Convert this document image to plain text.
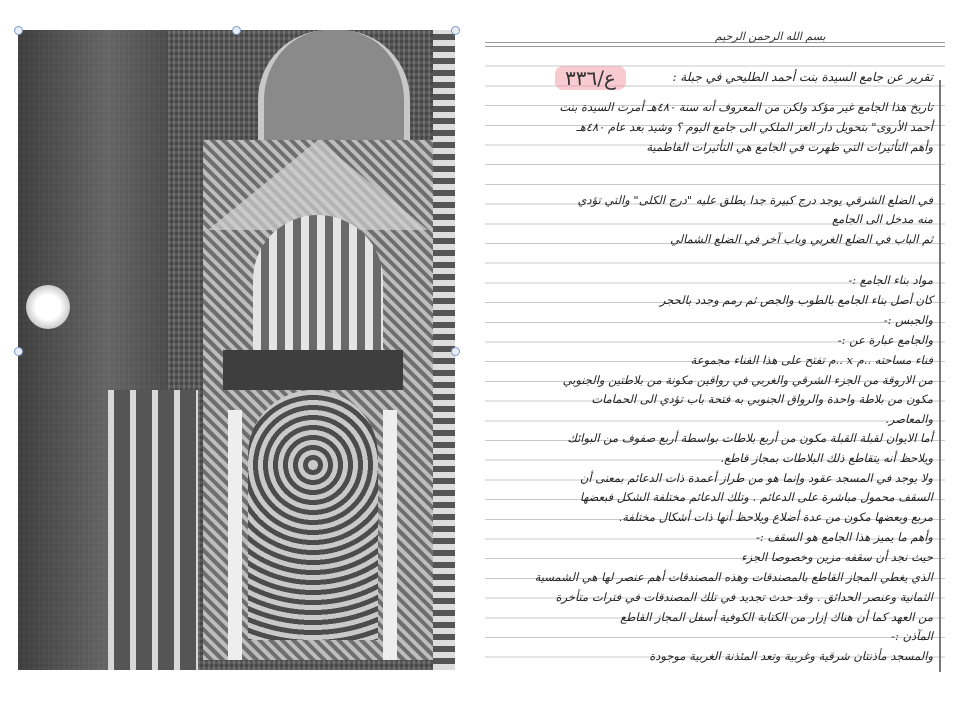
بسم الله الرحمن الرحيم
ع/٣٣٦	تقرير عن جامع السيدة بنت أحمد الطليحي في جبلة :
تاريخ هذا الجامع غير مؤكد ولكن من المعروف أنه سنة ٤٨٠هـ أمرت السيدة بنت
أحمد الأروى" بتحويل دار العز الملكي الى جامع اليوم ؟ وشيد بعد عام ٤٨٠هـ
وأهم التأثيرات التي ظهرت في الجامع هي التأثيرات الفاطمية
في الضلع الشرقي يوجد درج كبيرة جدا يطلق عليه "درج الكلى" والتي تؤدي
منه مدخل الى الجامع
ثم الباب في الضلع الغربي وباب آخر في الضلع الشمالي
مواد بناء الجامع :-
كان أصل بناء الجامع بالطوب والجص ثم رمم وجدد بالحجر
والجبس :-
والجامع عبارة عن :-
فناء مساحته ..م x ..م تفتح على هذا الفناء مجموعة
من الاروقة من الجزء الشرقي والغربي في رواقين مكونة من بلاطتين والجنوبي
مكون من بلاطة واحدة والرواق الجنوبي به فتحة باب تؤدي الى الحمامات
والمعاصر.
أما الايوان لقبلة القبلة مكون من أربع بلاطات بواسطة أربع صفوف من البوائك
ويلاحظ أنه يتقاطع ذلك البلاطات بمجاز قاطع.
ولا يوجد في المسجد عقود وإنما هو من طراز أعمدة ذات الدعائم بمعنى أن
السقف محمول مباشرة على الدعائم . وتلك الدعائم مختلفة الشكل فبعضها
مربع وبعضها مكون من عدة أضلاع ويلاحظ أنها ذات أشكال مختلفة.
وأهم ما يميز هذا الجامع هو السقف :-
حيث نجد أن سقفه مزين وخصوصا الجزء
الذي يغطي المجاز القاطع بالمصندقات وهذه المصندقات أهم عنصر لها هي الشمسية
الثمانية وعنصر الحدائق . وقد حدث تجديد في تلك المصندقات في فترات متأخرة
من العهد كما أن هناك إزار من الكتابة الكوفية أسفل المجاز القاطع
المآذن :-
والمسجد مأذنتان شرقية وغربية وتعد المئذنة الغربية موجودة
